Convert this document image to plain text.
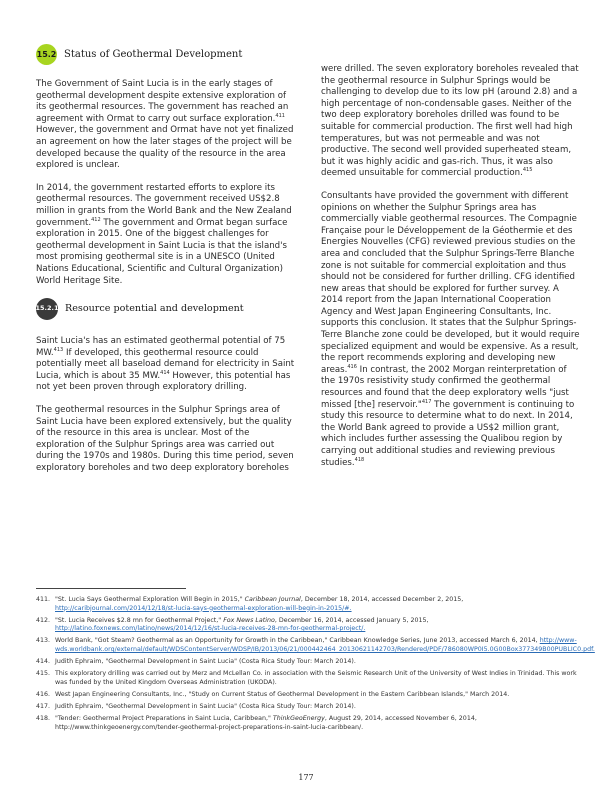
15.2 Status of Geothermal Development

The Government of Saint Lucia is in the early stages of geothermal development despite extensive exploration of its geothermal resources. The government has reached an agreement with Ormat to carry out surface exploration.$^{411}$ However, the government and Ormat have not yet finalized an agreement on how the later stages of the project will be developed because the quality of the resource in the area explored is unclear.

In 2014, the government restarted efforts to explore its geothermal resources. The government received US$2.8 million in grants from the World Bank and the New Zealand government.$^{412}$ The government and Ormat began surface exploration in 2015. One of the biggest challenges for geothermal development in Saint Lucia is that the island's most promising geothermal site is in a UNESCO (United Nations Educational, Scientific and Cultural Organization) World Heritage Site.

15.2.1 Resource potential and development

Saint Lucia's has an estimated geothermal potential of 75 MW.$^{413}$ If developed, this geothermal resource could potentially meet all baseload demand for electricity in Saint Lucia, which is about 35 MW.$^{414}$ However, this potential has not yet been proven through exploratory drilling.

The geothermal resources in the Sulphur Springs area of Saint Lucia have been explored extensively, but the quality of the resource in this area is unclear. Most of the exploration of the Sulphur Springs area was carried out during the 1970s and 1980s. During this time period, seven exploratory boreholes and two deep exploratory boreholes

were drilled. The seven exploratory boreholes revealed that the geothermal resource in Sulphur Springs would be challenging to develop due to its low pH (around 2.8) and a high percentage of non-condensable gases. Neither of the two deep exploratory boreholes drilled was found to be suitable for commercial production. The first well had high temperatures, but was not permeable and was not productive. The second well provided superheated steam, but it was highly acidic and gas-rich. Thus, it was also deemed unsuitable for commercial production.$^{415}$

Consultants have provided the government with different opinions on whether the Sulphur Springs area has commercially viable geothermal resources. The Compagnie Française pour le Développement de la Géothermie et des Energies Nouvelles (CFG) reviewed previous studies on the area and concluded that the Sulphur Springs-Terre Blanche zone is not suitable for commercial exploitation and thus should not be considered for further drilling. CFG identified new areas that should be explored for further survey. A 2014 report from the Japan International Cooperation Agency and West Japan Engineering Consultants, Inc. supports this conclusion. It states that the Sulphur Springs-Terre Blanche zone could be developed, but it would require specialized equipment and would be expensive. As a result, the report recommends exploring and developing new areas.$^{416}$ In contrast, the 2002 Morgan reinterpretation of the 1970s resistivity study confirmed the geothermal resources and found that the deep exploratory wells "just missed [the] reservoir."$^{417}$ The government is continuing to study this resource to determine what to do next. In 2014, the World Bank agreed to provide a US$2 million grant, which includes further assessing the Qualibou region by carrying out additional studies and reviewing previous studies.$^{418}$

411. "St. Lucia Says Geothermal Exploration Will Begin in 2015," Caribbean Journal, December 18, 2014, accessed December 2, 2015, http://caribjournal.com/2014/12/18/st-lucia-says-geothermal-exploration-will-begin-in-2015/#.
412. "St. Lucia Receives $2.8 mn for Geothermal Project," Fox News Latino, December 16, 2014, accessed January 5, 2015, http://latino.foxnews.com/latino/news/2014/12/16/st-lucia-receives-28-mn-for-geothermal-project/.
413. World Bank, "Got Steam? Geothermal as an Opportunity for Growth in the Caribbean," Caribbean Knowledge Series, June 2013, accessed March 6, 2014, http://www-wds.worldbank.org/external/default/WDSContentServer/WDSP/IB/2013/06/21/000442464_20130621142703/Rendered/PDF/786080WP0I5.0G00Box377349B00PUBLIC0.pdf.
414. Judith Ephraim, "Geothermal Development in Saint Lucia" (Costa Rica Study Tour: March 2014).
415. This exploratory drilling was carried out by Merz and McLellan Co. in association with the Seismic Research Unit of the University of West Indies in Trinidad. This work was funded by the United Kingdom Overseas Administration (UKODA).
416. West Japan Engineering Consultants, Inc., "Study on Current Status of Geothermal Development in the Eastern Caribbean Islands," March 2014.
417. Judith Ephraim, "Geothermal Development in Saint Lucia" (Costa Rica Study Tour: March 2014).
418. "Tender: Geothermal Project Preparations in Saint Lucia, Caribbean," ThinkGeoEnergy, August 29, 2014, accessed November 6, 2014, http://www.thinkgeoenergy.com/tender-geothermal-project-preparations-in-saint-lucia-caribbean/.
177
